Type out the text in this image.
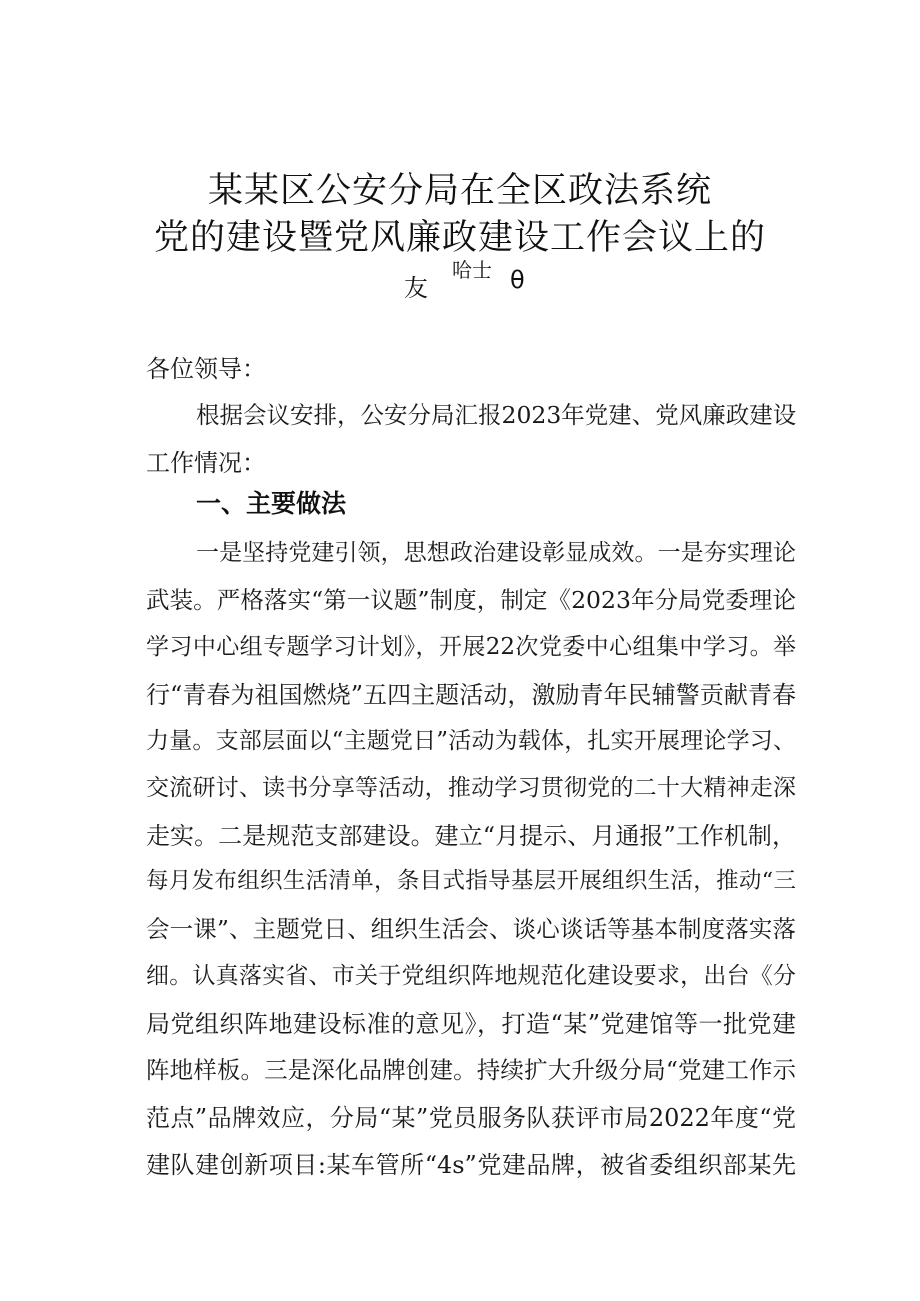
某某区公安分局在全区政法系统
党的建设暨党风廉政建设工作会议上的
友
哈士 θ
各位领导：
根据会议安排，公安分局汇报2023年党建、党风廉政建设
工作情况：
一、主要做法
一是坚持党建引领，思想政治建设彰显成效。一是夯实理论
武装。严格落实“第一议题”制度，制定《2023年分局党委理论
学习中心组专题学习计划》，开展22次党委中心组集中学习。举
行“青春为祖国燃烧”五四主题活动，激励青年民辅警贡献青春
力量。支部层面以“主题党日”活动为载体，扎实开展理论学习、
交流研讨、读书分享等活动，推动学习贯彻党的二十大精神走深
走实。二是规范支部建设。建立“月提示、月通报”工作机制，
每月发布组织生活清单，条目式指导基层开展组织生活，推动“三
会一课”、主题党日、组织生活会、谈心谈话等基本制度落实落
细。认真落实省、市关于党组织阵地规范化建设要求，出台《分
局党组织阵地建设标准的意见》，打造“某”党建馆等一批党建
阵地样板。三是深化品牌创建。持续扩大升级分局“党建工作示
范点”品牌效应，分局“某”党员服务队获评市局2022年度“党
建队建创新项目:某车管所“4s”党建品牌，被省委组织部某先
